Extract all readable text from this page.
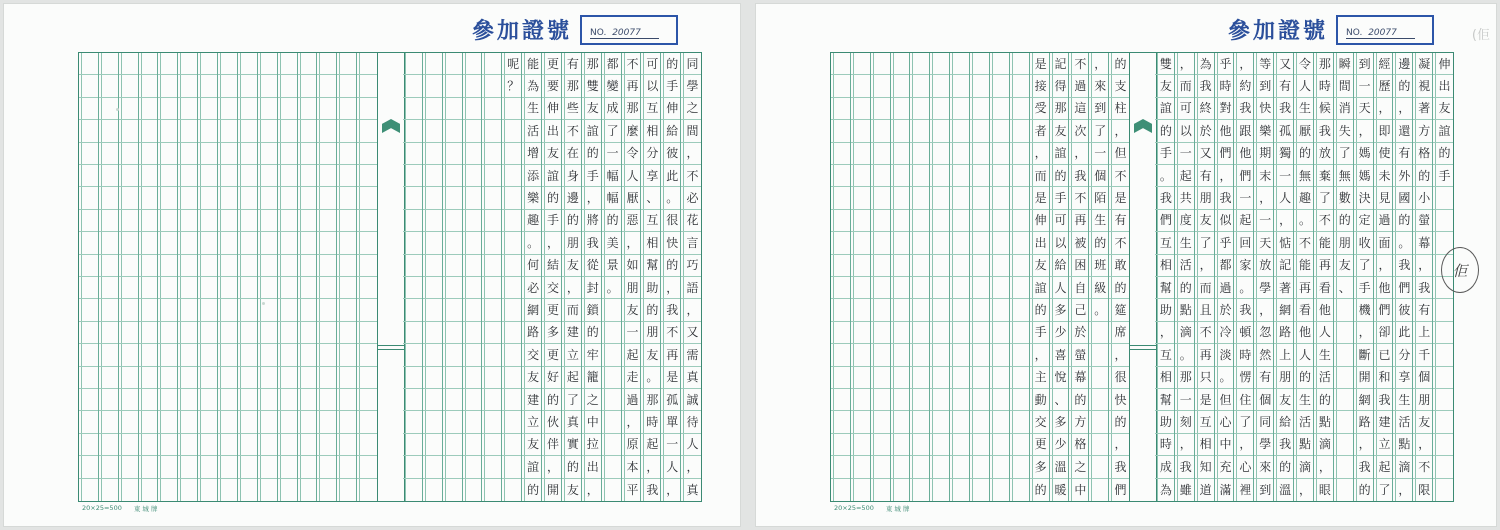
參加證號 NO. 20077
呢
？
能
為
生
活
增
添
樂
趣
。
何
必
網
路
交
友
建
立
友
誼
的
更
要
伸
出
友
誼
的
手
，
結
交
更
多
更
好
的
伙
伴
，
開
有
那
些
不
在
身
邊
的
朋
友
，
而
建
立
起
了
真
實
的
友
那
雙
友
誼
的
手
，
將
我
從
封
鎖
的
牢
籠
之
中
拉
出
，
都
變
成
了
一
幅
幅
的
美
景
。
不
再
那
麼
令
人
厭
惡
，
如
朋
友
一
起
走
過
，
原
本
平
可
以
互
相
分
享
、
互
相
幫
助
的
朋
友
。
那
時
起
，
我
的
手
伸
給
彼
此
。
很
快
的
，
我
不
再
是
孤
單
一
人
，
同
學
之
間
，
不
必
花
言
巧
語
，
又
需
真
誠
待
人
，
真
20×25=500 東 城 牌
參加證號 NO. 20077	(佢
是
接
受
者
，
而
是
伸
出
友
誼
的
手
，
主
動
交
更
多
的
記
得
那
友
誼
的
手
可
以
給
人
多
少
喜
悅
、
多
少
溫
暖
不
過
這
次
，
我
不
再
被
困
自
己
於
螢
幕
的
方
格
之
中
，
來
到
了
一
個
陌
生
的
班
級
。
的
支
柱
，
但
不
是
有
不
敢
的
筵
席
，
很
快
的
，
我
們
雙
友
誼
的
手
。
我
們
互
相
幫
助
，
互
相
幫
助
時
成
為
，
而
可
以
一
起
共
度
生
活
的
點
滴
。
那
一
刻
，
我
雖
為
我
終
於
又
有
朋
友
了
，
而
且
不
再
只
是
互
相
知
道
乎
時
對
他
們
，
我
似
乎
都
過
於
冷
淡
。
但
心
中
充
滿
，
約
我
跟
他
們
一
起
回
家
。
我
頓
時
愣
住
了
，
心
裡
等
到
快
樂
期
末
，
一
天
放
學
，
忽
然
有
個
同
學
來
到
又
有
我
孤
獨
一
人
，
惦
記
著
網
路
上
朋
友
給
我
的
溫
令
人
生
厭
的
無
趣
。
不
能
再
看
他
人
的
生
活
點
滴
，
那
時
候
我
放
棄
了
不
能
再
看
他
人
生
活
的
點
滴
，
眼
瞬
間
消
失
了
無
數
的
朋
友
、
到
一
天
，
媽
媽
決
定
收
了
手
機
，
斷
開
網
路
，
我
的
經
歷
，
即
使
未
見
過
面
，
他
們
卻
已
和
我
建
立
起
了
邊
的
，
還
有
外
國
的
。
我
們
彼
此
分
享
生
活
點
滴
，
凝
視
著
方
格
的
小
螢
幕
，
我
有
上
千
個
朋
友
，
不
限
伸
出
友
誼
的
手
佢
20×25=500 東 城 牌
